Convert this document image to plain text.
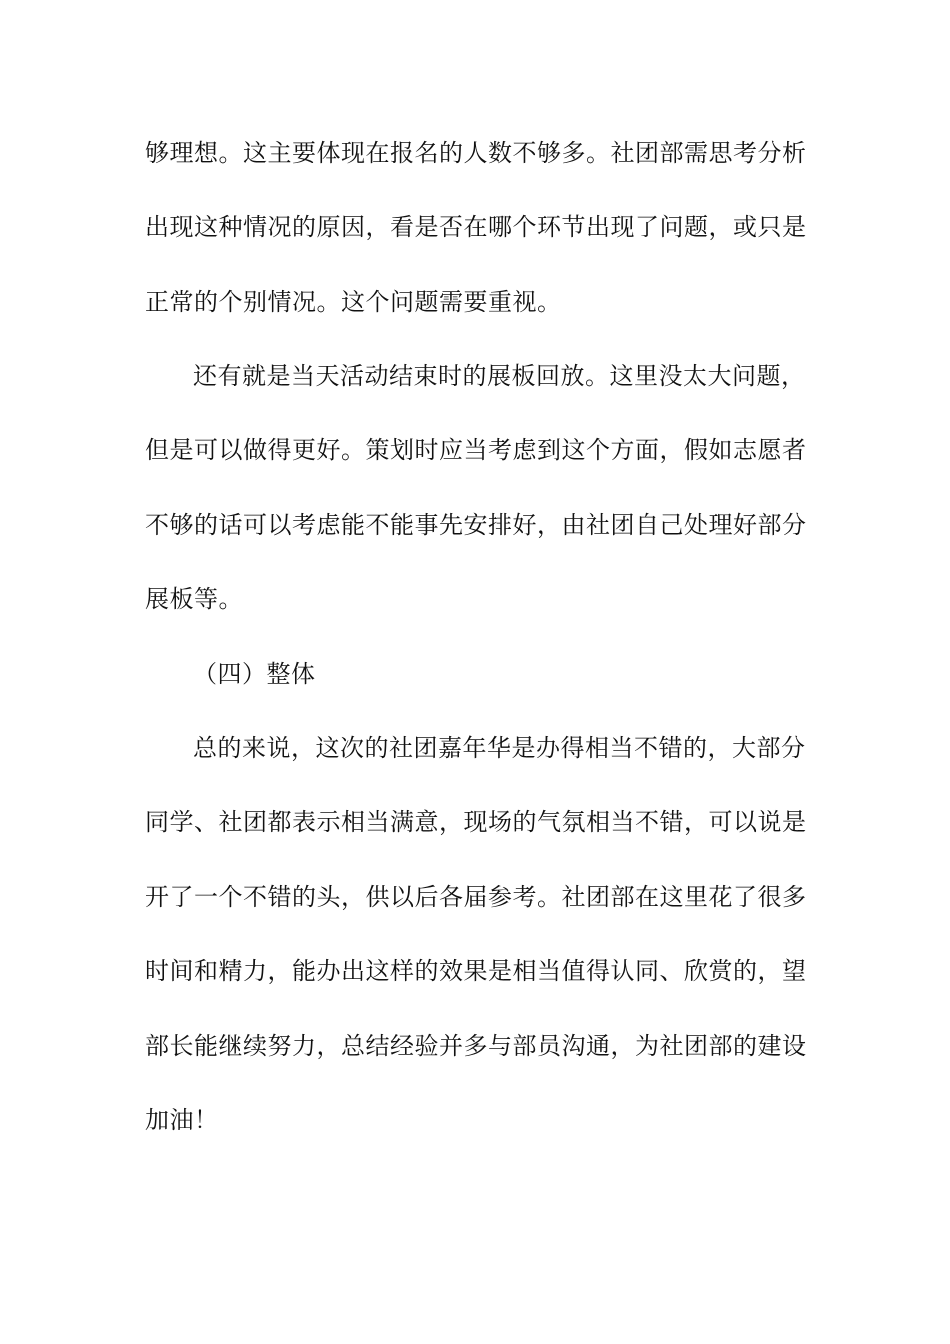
够理想。这主要体现在报名的人数不够多。社团部需思考分析
出现这种情况的原因，看是否在哪个环节出现了问题，或只是
正常的个别情况。这个问题需要重视。
还有就是当天活动结束时的展板回放。这里没太大问题，
但是可以做得更好。策划时应当考虑到这个方面，假如志愿者
不够的话可以考虑能不能事先安排好，由社团自己处理好部分
展板等。
（四）整体
总的来说，这次的社团嘉年华是办得相当不错的，大部分
同学、社团都表示相当满意，现场的气氛相当不错，可以说是
开了一个不错的头，供以后各届参考。社团部在这里花了很多
时间和精力，能办出这样的效果是相当值得认同、欣赏的，望
部长能继续努力，总结经验并多与部员沟通，为社团部的建设
加油！
